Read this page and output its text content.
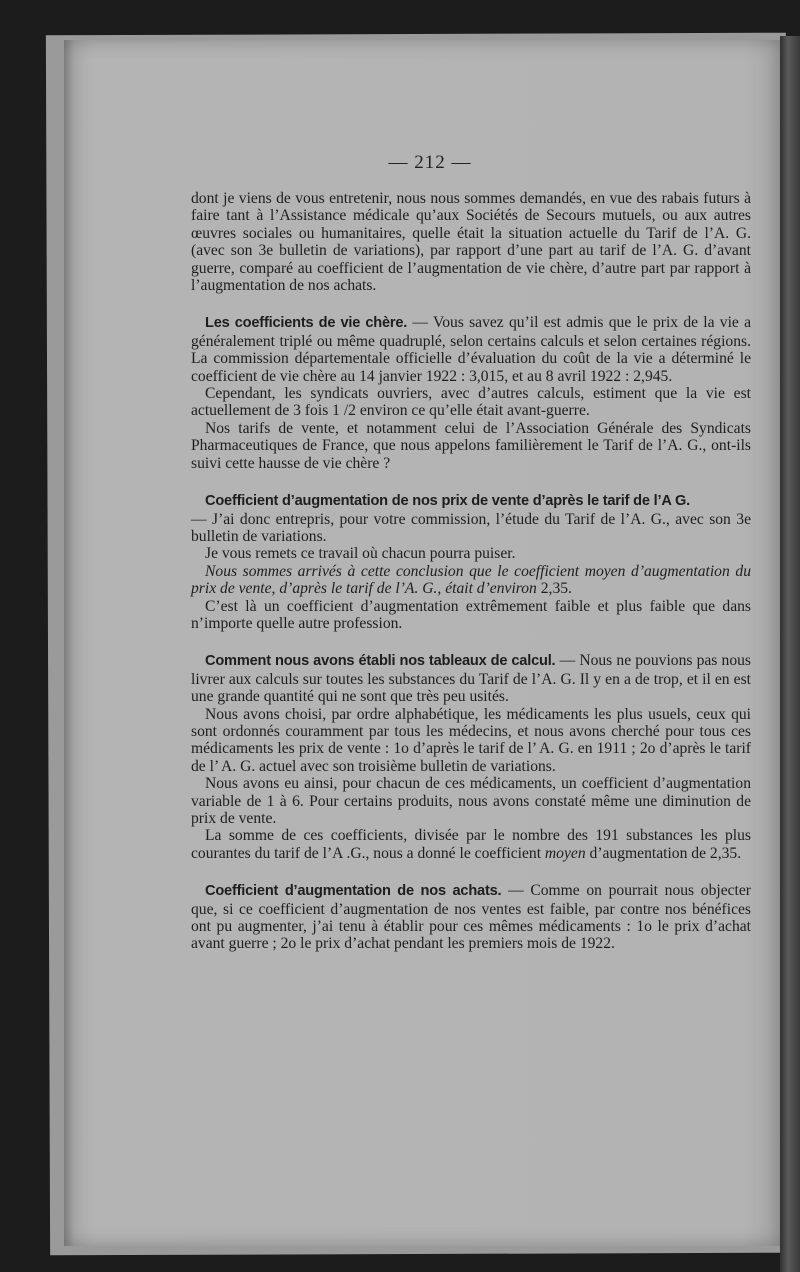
— 212 —

dont je viens de vous entretenir, nous nous sommes demandés, en vue des rabais futurs à faire tant à l’Assistance médicale qu’aux Sociétés de Secours mutuels, ou aux autres œuvres sociales ou humanitaires, quelle était la situation actuelle du Tarif de l’A. G. (avec son 3e bulletin de variations), par rapport d’une part au tarif de l’A. G. d’avant guerre, comparé au coefficient de l’augmentation de vie chère, d’autre part par rapport à l’augmentation de nos achats.

Les coefficients de vie chère. — Vous savez qu’il est admis que le prix de la vie a généralement triplé ou même quadruplé, selon certains calculs et selon certaines régions. La commission départementale officielle d’évaluation du coût de la vie a déterminé le coefficient de vie chère au 14 janvier 1922 : 3,015, et au 8 avril 1922 : 2,945.

Cependant, les syndicats ouvriers, avec d’autres calculs, estiment que la vie est actuellement de 3 fois 1 /2 environ ce qu’elle était avant-guerre.

Nos tarifs de vente, et notamment celui de l’Association Générale des Syndicats Pharmaceutiques de France, que nous appelons familièrement le Tarif de l’A. G., ont-ils suivi cette hausse de vie chère ?

Coefficient d’augmentation de nos prix de vente d’après le tarif de l’A G.

— J’ai donc entrepris, pour votre commission, l’étude du Tarif de l’A. G., avec son 3e bulletin de variations.

Je vous remets ce travail où chacun pourra puiser.

Nous sommes arrivés à cette conclusion que le coefficient moyen d’augmentation du prix de vente, d’après le tarif de l’A. G., était d’environ 2,35.

C’est là un coefficient d’augmentation extrêmement faible et plus faible que dans n’importe quelle autre profession.

Comment nous avons établi nos tableaux de calcul. — Nous ne pouvions pas nous livrer aux calculs sur toutes les substances du Tarif de l’A. G. Il y en a de trop, et il en est une grande quantité qui ne sont que très peu usités.

Nous avons choisi, par ordre alphabétique, les médicaments les plus usuels, ceux qui sont ordonnés couramment par tous les médecins, et nous avons cherché pour tous ces médicaments les prix de vente : 1o d’après le tarif de l’ A. G. en 1911 ; 2o d’après le tarif de l’ A. G. actuel avec son troisième bulletin de variations.

Nous avons eu ainsi, pour chacun de ces médicaments, un coefficient d’augmentation variable de 1 à 6. Pour certains produits, nous avons constaté même une diminution de prix de vente.

La somme de ces coefficients, divisée par le nombre des 191 substances les plus courantes du tarif de l’A .G., nous a donné le coefficient moyen d’augmentation de 2,35.

Coefficient d’augmentation de nos achats. — Comme on pourrait nous objecter que, si ce coefficient d’augmentation de nos ventes est faible, par contre nos bénéfices ont pu augmenter, j’ai tenu à établir pour ces mêmes médicaments : 1o le prix d’achat avant guerre ; 2o le prix d’achat pendant les premiers mois de 1922.
